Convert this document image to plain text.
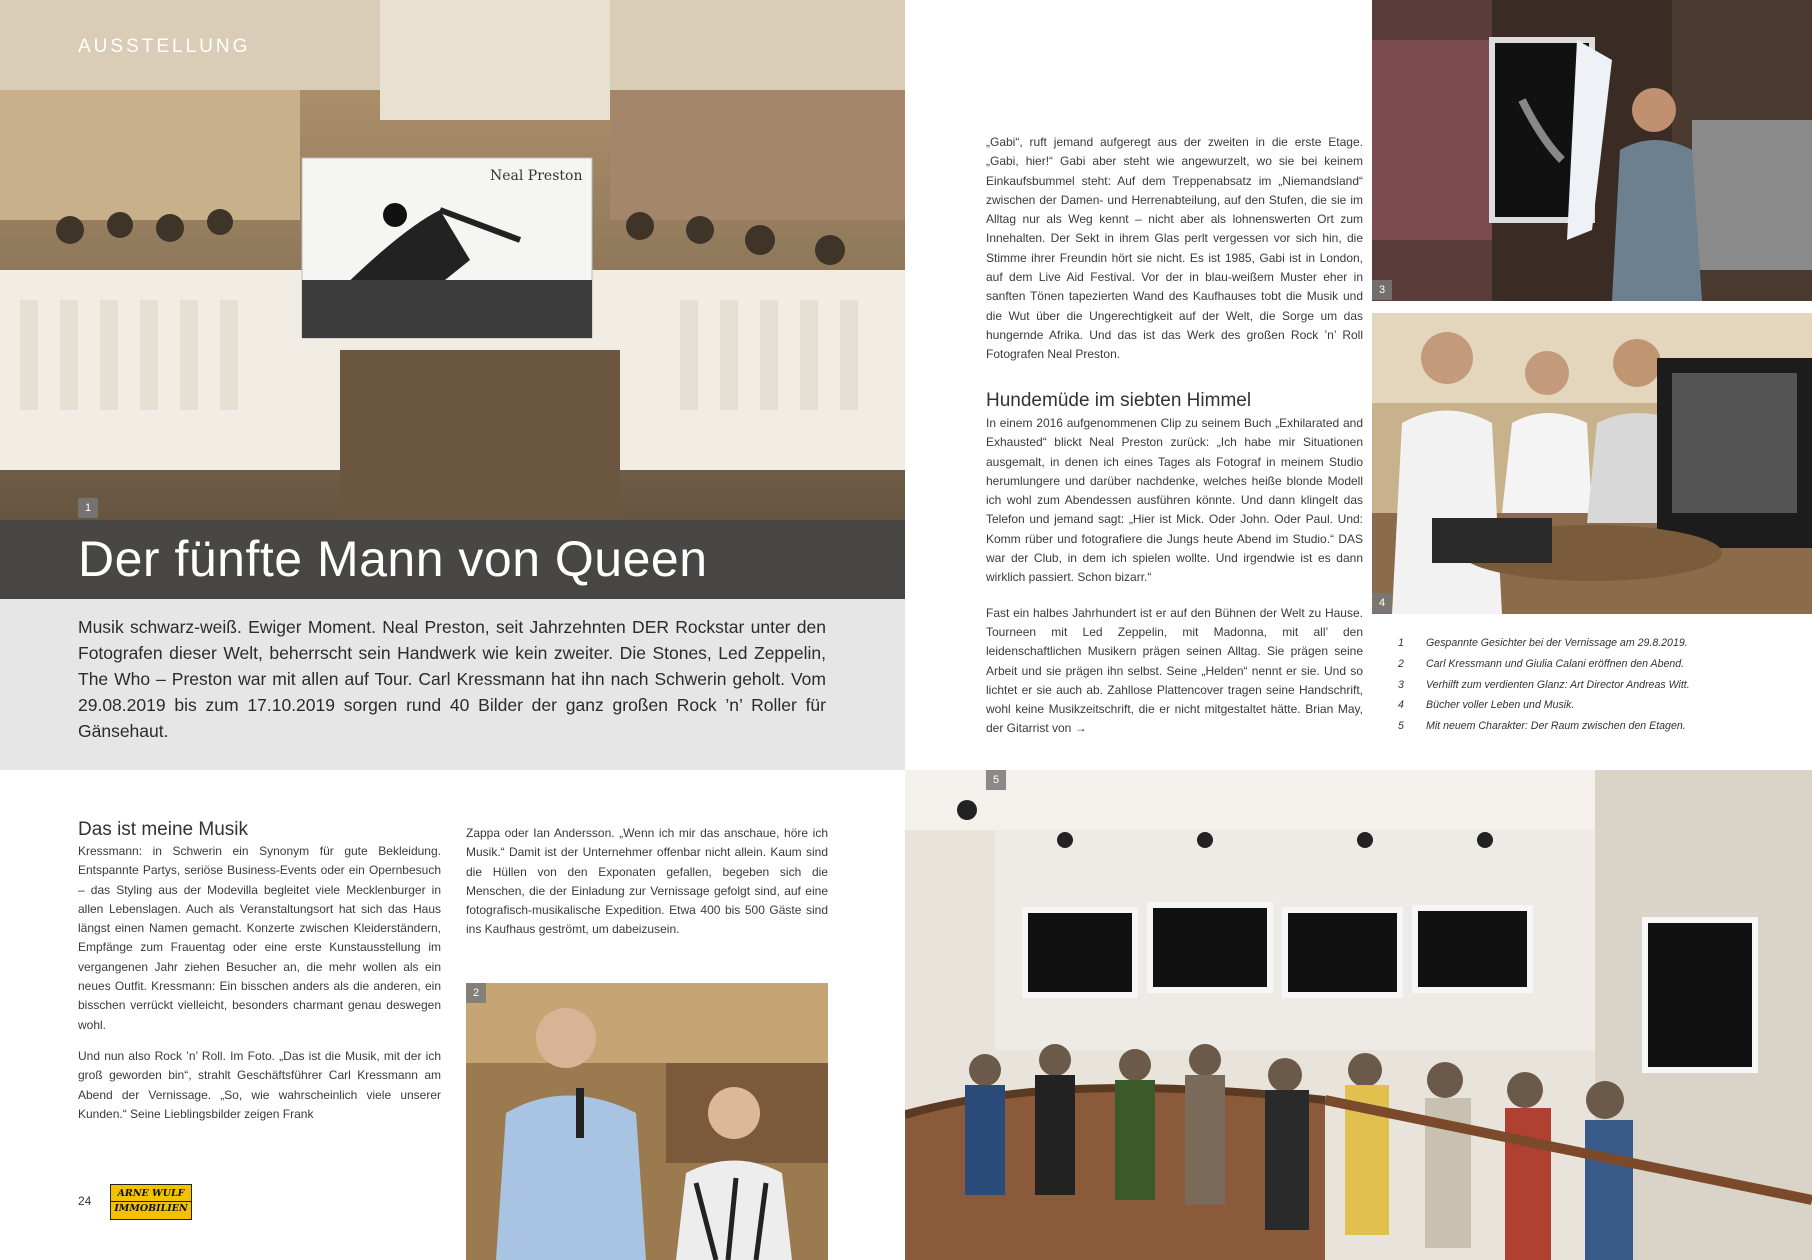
Neal Preston
AUSSTELLUNG
1
Der fünfte Mann von Queen
Musik schwarz-weiß. Ewiger Moment. Neal Preston, seit Jahrzehnten DER Rockstar unter den Fotografen dieser Welt, beherrscht sein Handwerk wie kein zweiter. Die Stones, Led Zeppelin, The Who – Preston war mit allen auf Tour. Carl Kressmann hat ihn nach Schwerin geholt. Vom 29.08.2019 bis zum 17.10.2019 sorgen rund 40 Bilder der ganz großen Rock ’n’ Roller für Gänsehaut.
Das ist meine Musik

Kressmann: in Schwerin ein Synonym für gute Bekleidung. Entspannte Partys, seriöse Business-Events oder ein Opernbesuch – das Styling aus der Modevilla begleitet viele Mecklenburger in allen Lebenslagen. Auch als Veranstaltungsort hat sich das Haus längst einen Namen gemacht. Konzerte zwischen Kleiderständern, Empfänge zum Frauentag oder eine erste Kunstausstellung im vergangenen Jahr ziehen Besucher an, die mehr wollen als ein neues Outfit. Kressmann: Ein bisschen anders als die anderen, ein bisschen verrückt vielleicht, besonders charmant genau deswegen wohl.

Und nun also Rock ’n’ Roll. Im Foto. „Das ist die Musik, mit der ich groß geworden bin“, strahlt Geschäftsführer Carl Kressmann am Abend der Vernissage. „So, wie wahrscheinlich viele unserer Kunden.“ Seine Lieblingsbilder zeigen Frank

Zappa oder Ian Andersson. „Wenn ich mir das anschaue, höre ich Musik.“ Damit ist der Unternehmer offenbar nicht allein. Kaum sind die Hüllen von den Exponaten gefallen, begeben sich die Menschen, die der Einladung zur Vernissage gefolgt sind, auf eine fotografisch-musikalische Expedition. Etwa 400 bis 500 Gäste sind ins Kaufhaus geströmt, um dabeizusein.

2
24
ARNE WULF
IMMOBILIEN

„Gabi“, ruft jemand aufgeregt aus der zweiten in die erste Etage. „Gabi, hier!“ Gabi aber steht wie angewurzelt, wo sie bei keinem Einkaufsbummel steht: Auf dem Treppenabsatz im „Niemandsland“ zwischen der Damen- und Herrenabteilung, auf den Stufen, die sie im Alltag nur als Weg kennt – nicht aber als lohnenswerten Ort zum Innehalten. Der Sekt in ihrem Glas perlt vergessen vor sich hin, die Stimme ihrer Freundin hört sie nicht. Es ist 1985, Gabi ist in London, auf dem Live Aid Festival. Vor der in blau-weißem Muster eher in sanften Tönen tapezierten Wand des Kaufhauses tobt die Musik und die Wut über die Ungerechtigkeit auf der Welt, die Sorge um das hungernde Afrika. Und das ist das Werk des großen Rock ’n’ Roll Fotografen Neal Preston.

Hundemüde im siebten Himmel

In einem 2016 aufgenommenen Clip zu seinem Buch „Exhilarated and Exhausted“ blickt Neal Preston zurück: „Ich habe mir Situationen ausgemalt, in denen ich eines Tages als Fotograf in meinem Studio herumlungere und darüber nachdenke, welches heiße blonde Modell ich wohl zum Abendessen ausführen könnte. Und dann klingelt das Telefon und jemand sagt: „Hier ist Mick. Oder John. Oder Paul. Und: Komm rüber und fotografiere die Jungs heute Abend im Studio.“ DAS war der Club, in dem ich spielen wollte. Und irgendwie ist es dann wirklich passiert. Schon bizarr.“

Fast ein halbes Jahrhundert ist er auf den Bühnen der Welt zu Hause. Tourneen mit Led Zeppelin, mit Madonna, mit all’ den leidenschaftlichen Musikern prägen seinen Alltag. Sie prägen seine Arbeit und sie prägen ihn selbst. Seine „Helden“ nennt er sie. Und so lichtet er sie auch ab. Zahllose Plattencover tragen seine Handschrift, wohl keine Musikzeitschrift, die er nicht mitgestaltet hätte. Brian May, der Gitarrist von →

3
4
1 Gespannte Gesichter bei der Vernissage am 29.8.2019.
2 Carl Kressmann und Giulia Calani eröffnen den Abend.
3 Verhilft zum verdienten Glanz: Art Director Andreas Witt.
4 Bücher voller Leben und Musik.
5 Mit neuem Charakter: Der Raum zwischen den Etagen.
5
